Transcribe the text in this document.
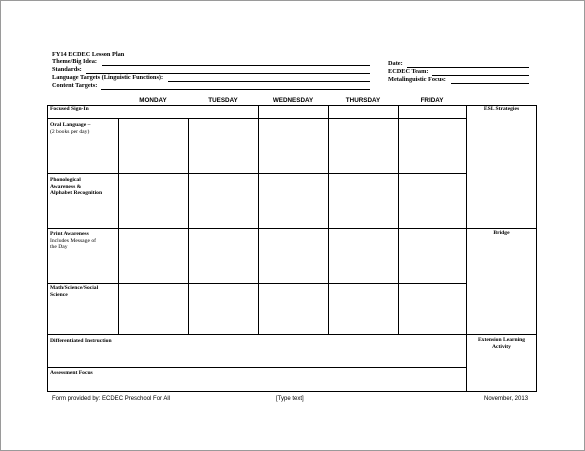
FY14 ECDEC Lesson Plan
Theme/Big Idea:
Standards:
Language Targets (Linguistic Functions):
Content Targets:
Date:
ECDEC Team:
Metalinguistic Focus:
MONDAY	TUESDAY	WEDNESDAY	THURSDAY	FRIDAY
Focused Sign-In
Oral Language –
(2 books per day)
Phonological
Awareness &
Alphabet Recognition
Print Awareness
Includes Message of
the Day
Math/Science/Social
Science
Differentiated Instruction
Assessment Focus
ESL Strategies
Bridge
Extension Learning
Activity
Form provided by: ECDEC Preschool For All	[Type text]	November, 2013
